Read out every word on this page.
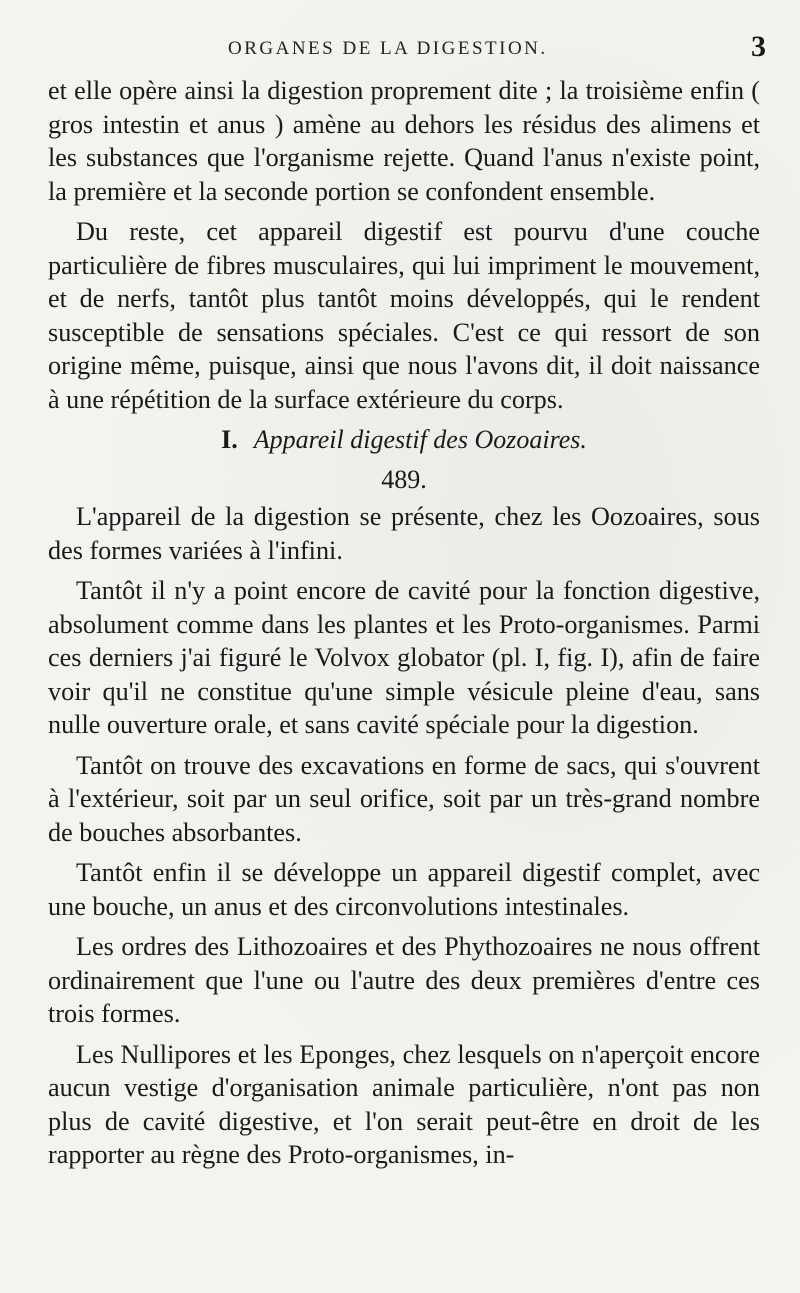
ORGANES DE LA DIGESTION.	3

et elle opère ainsi la digestion proprement dite ; la troisième enfin ( gros intestin et anus ) amène au dehors les résidus des alimens et les substances que l'organisme rejette. Quand l'anus n'existe point, la première et la seconde portion se confondent ensemble.

Du reste, cet appareil digestif est pourvu d'une couche particulière de fibres musculaires, qui lui impriment le mouvement, et de nerfs, tantôt plus tantôt moins développés, qui le rendent susceptible de sensations spéciales. C'est ce qui ressort de son origine même, puisque, ainsi que nous l'avons dit, il doit naissance à une répétition de la surface extérieure du corps.

I. Appareil digestif des Oozoaires.
489.

L'appareil de la digestion se présente, chez les Oozoaires, sous des formes variées à l'infini.

Tantôt il n'y a point encore de cavité pour la fonction digestive, absolument comme dans les plantes et les Proto-organismes. Parmi ces derniers j'ai figuré le Volvox globator (pl. I, fig. I), afin de faire voir qu'il ne constitue qu'une simple vésicule pleine d'eau, sans nulle ouverture orale, et sans cavité spéciale pour la digestion.

Tantôt on trouve des excavations en forme de sacs, qui s'ouvrent à l'extérieur, soit par un seul orifice, soit par un très-grand nombre de bouches absorbantes.

Tantôt enfin il se développe un appareil digestif complet, avec une bouche, un anus et des circonvolutions intestinales.

Les ordres des Lithozoaires et des Phythozoaires ne nous offrent ordinairement que l'une ou l'autre des deux premières d'entre ces trois formes.

Les Nullipores et les Eponges, chez lesquels on n'aperçoit encore aucun vestige d'organisation animale particulière, n'ont pas non plus de cavité digestive, et l'on serait peut-être en droit de les rapporter au règne des Proto-organismes, in-
